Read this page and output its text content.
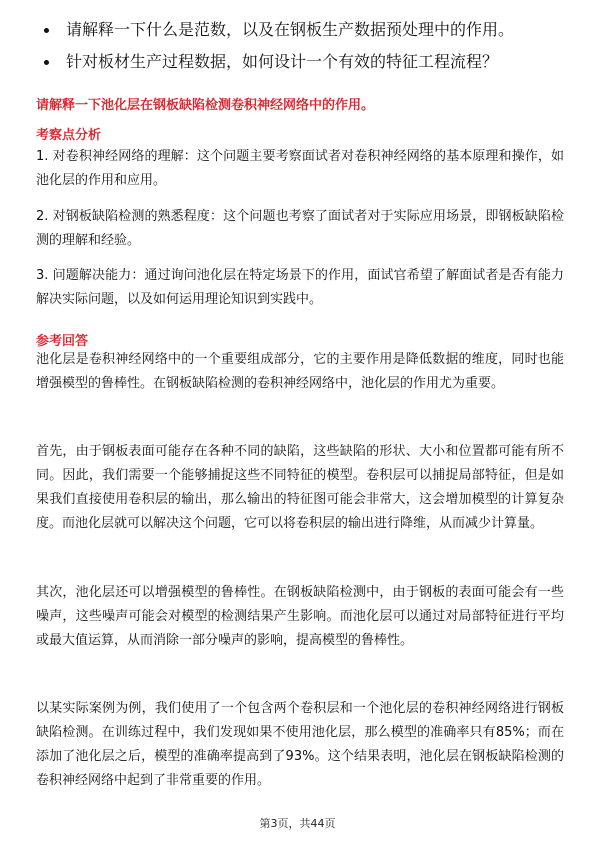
请解释一下什么是范数，以及在钢板生产数据预处理中的作用。
针对板材生产过程数据，如何设计一个有效的特征工程流程？
请解释一下池化层在钢板缺陷检测卷积神经网络中的作用。
考察点分析

1. 对卷积神经网络的理解：这个问题主要考察面试者对卷积神经网络的基本原理和操作，如池化层的作用和应用。

2. 对钢板缺陷检测的熟悉程度：这个问题也考察了面试者对于实际应用场景，即钢板缺陷检测的理解和经验。

3. 问题解决能力：通过询问池化层在特定场景下的作用，面试官希望了解面试者是否有能力解决实际问题，以及如何运用理论知识到实践中。

参考回答

池化层是卷积神经网络中的一个重要组成部分，它的主要作用是降低数据的维度，同时也能增强模型的鲁棒性。在钢板缺陷检测的卷积神经网络中，池化层的作用尤为重要。

首先，由于钢板表面可能存在各种不同的缺陷，这些缺陷的形状、大小和位置都可能有所不同。因此，我们需要一个能够捕捉这些不同特征的模型。卷积层可以捕捉局部特征，但是如果我们直接使用卷积层的输出，那么输出的特征图可能会非常大，这会增加模型的计算复杂度。而池化层就可以解决这个问题，它可以将卷积层的输出进行降维，从而减少计算量。

其次，池化层还可以增强模型的鲁棒性。在钢板缺陷检测中，由于钢板的表面可能会有一些噪声，这些噪声可能会对模型的检测结果产生影响。而池化层可以通过对局部特征进行平均或最大值运算，从而消除一部分噪声的影响，提高模型的鲁棒性。

以某实际案例为例，我们使用了一个包含两个卷积层和一个池化层的卷积神经网络进行钢板缺陷检测。在训练过程中，我们发现如果不使用池化层，那么模型的准确率只有85%；而在添加了池化层之后，模型的准确率提高到了93%。这个结果表明，池化层在钢板缺陷检测的卷积神经网络中起到了非常重要的作用。

第3页，共44页
